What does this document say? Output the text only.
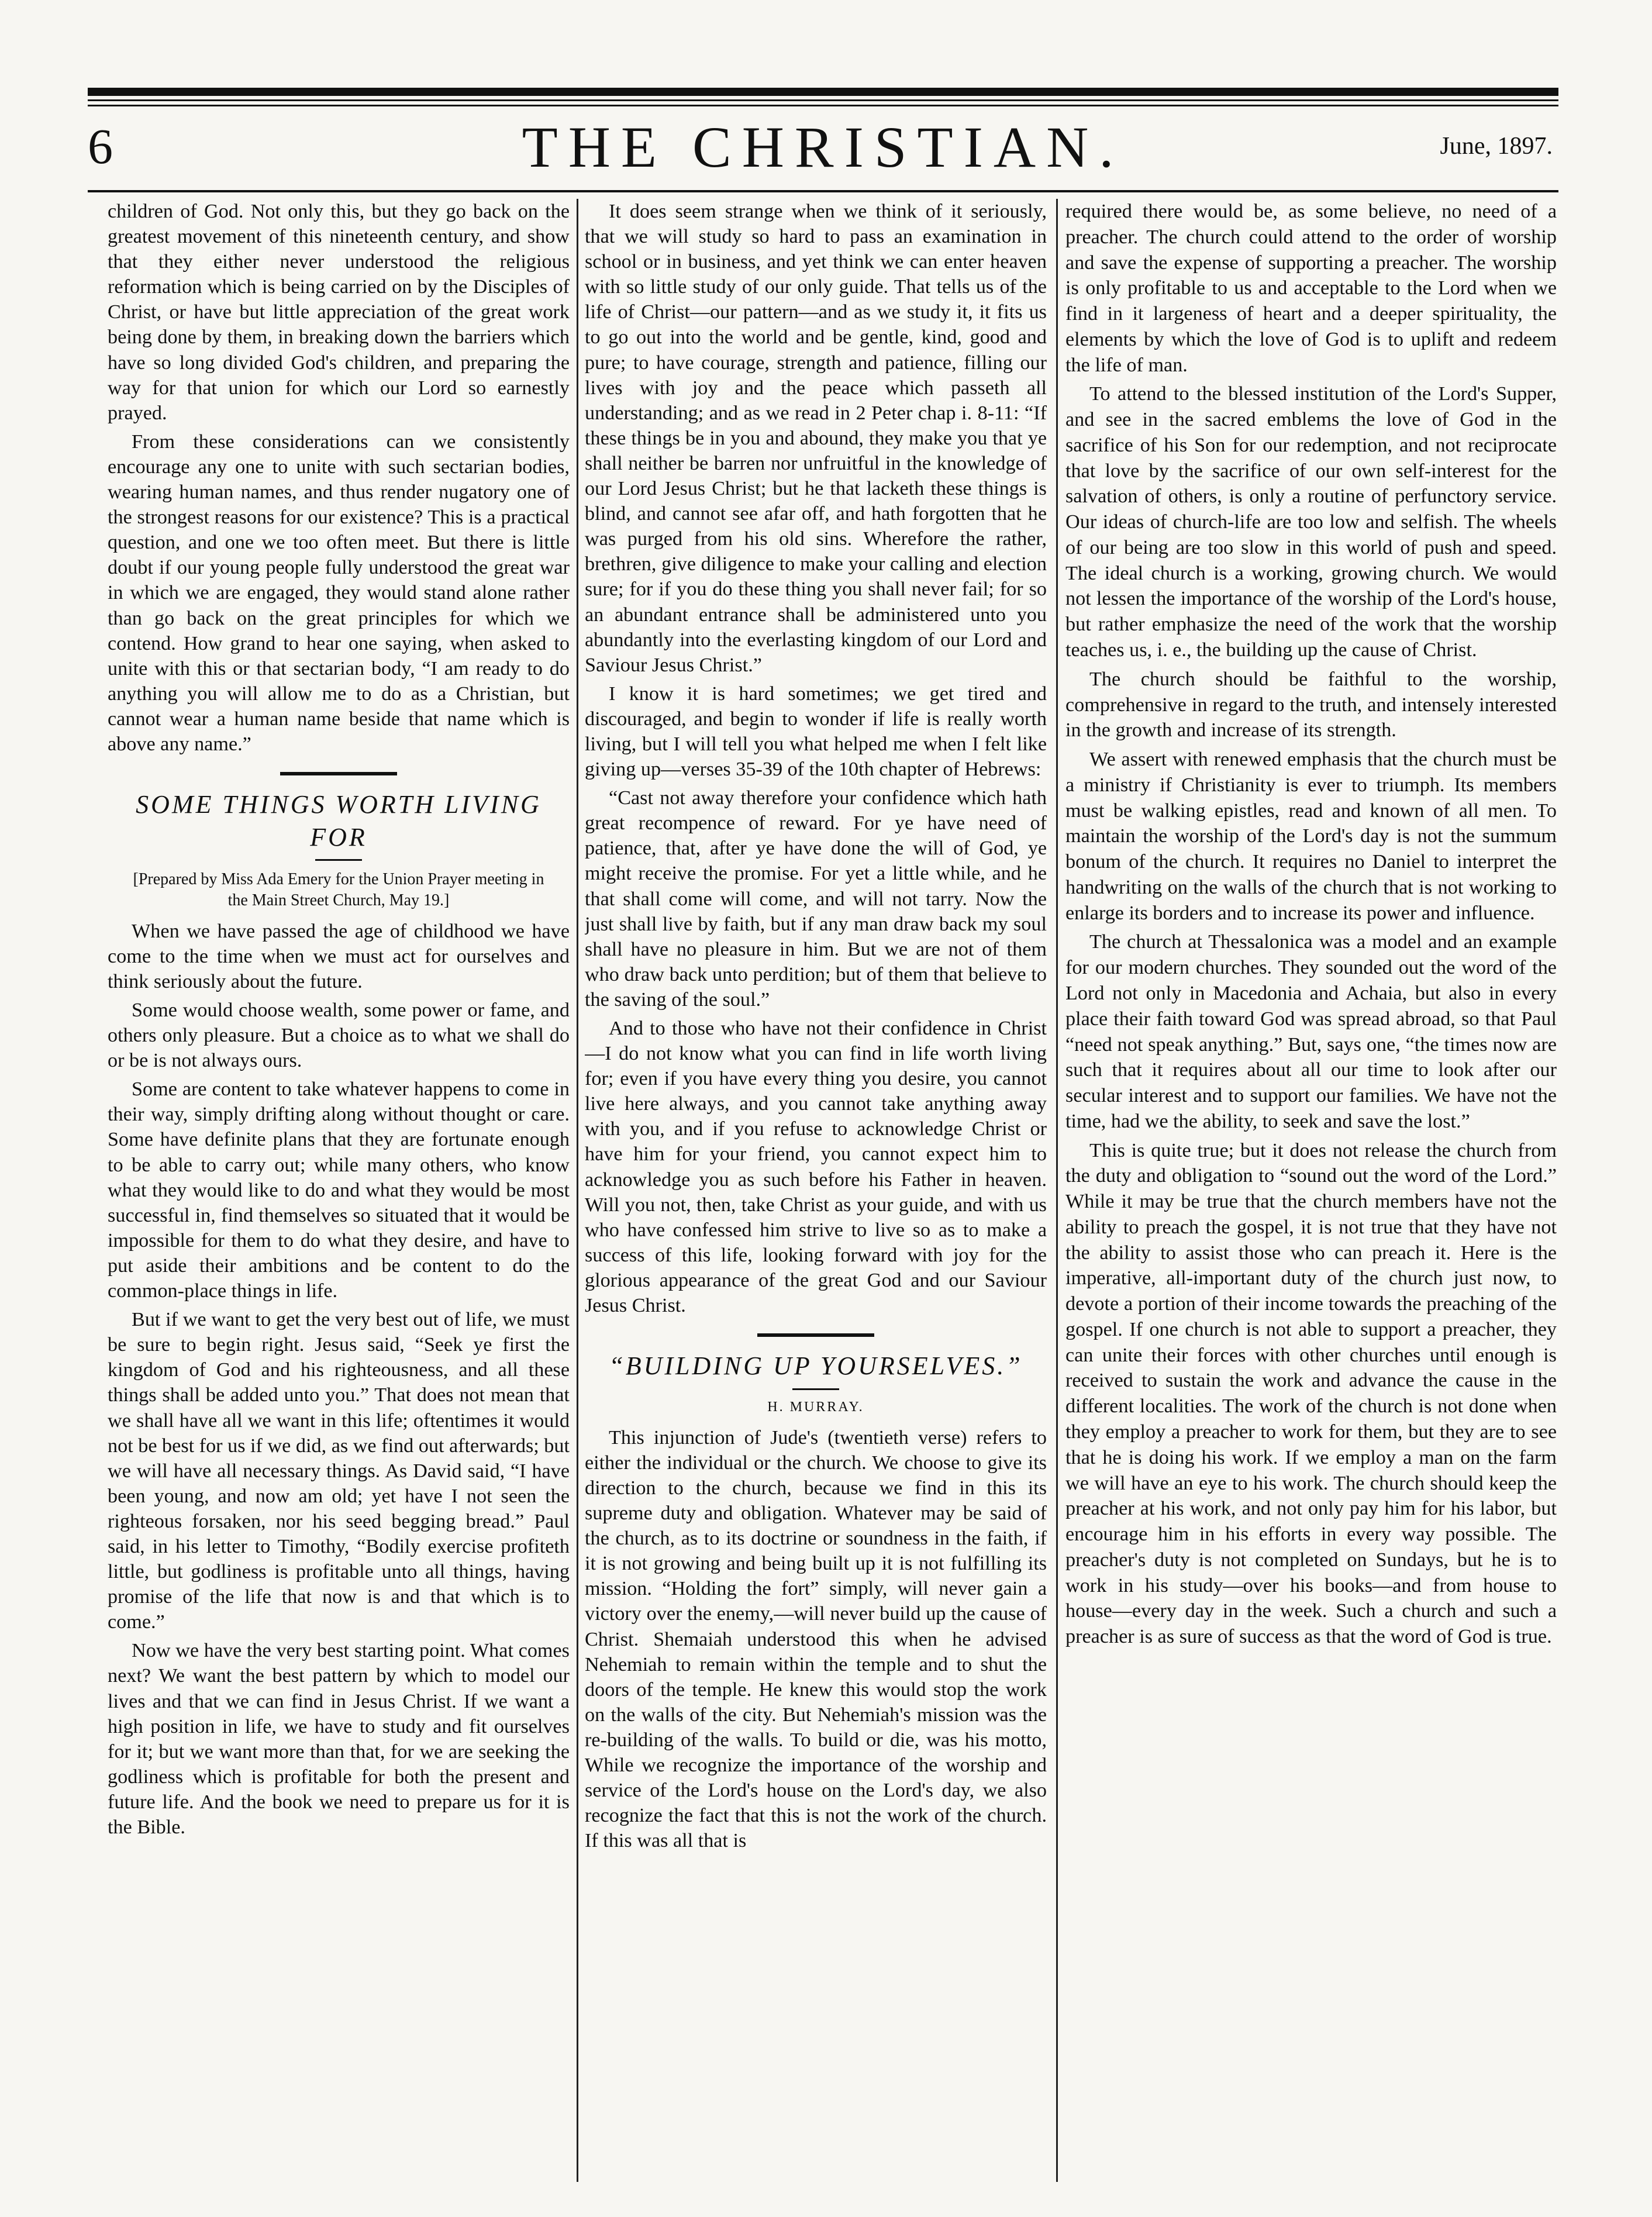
6	THE CHRISTIAN.	June, 1897.

children of God. Not only this, but they go back on the greatest movement of this nineteenth century, and show that they either never understood the religious reformation which is being carried on by the Disciples of Christ, or have but little appreciation of the great work being done by them, in breaking down the barriers which have so long divided God's children, and preparing the way for that union for which our Lord so earnestly prayed.

From these considerations can we consistently encourage any one to unite with such sectarian bodies, wearing human names, and thus render nugatory one of the strongest reasons for our existence? This is a practical question, and one we too often meet. But there is little doubt if our young people fully understood the great war in which we are engaged, they would stand alone rather than go back on the great principles for which we contend. How grand to hear one saying, when asked to unite with this or that sectarian body, “I am ready to do anything you will allow me to do as a Christian, but cannot wear a human name beside that name which is above any name.”

SOME THINGS WORTH LIVING FOR
[Prepared by Miss Ada Emery for the Union Prayer meeting in the Main Street Church, May 19.]

When we have passed the age of childhood we have come to the time when we must act for ourselves and think seriously about the future.

Some would choose wealth, some power or fame, and others only pleasure. But a choice as to what we shall do or be is not always ours.

Some are content to take whatever happens to come in their way, simply drifting along without thought or care. Some have definite plans that they are fortunate enough to be able to carry out; while many others, who know what they would like to do and what they would be most successful in, find themselves so situated that it would be impossible for them to do what they desire, and have to put aside their ambitions and be content to do the common-place things in life.

But if we want to get the very best out of life, we must be sure to begin right. Jesus said, “Seek ye first the kingdom of God and his righteousness, and all these things shall be added unto you.” That does not mean that we shall have all we want in this life; oftentimes it would not be best for us if we did, as we find out afterwards; but we will have all necessary things. As David said, “I have been young, and now am old; yet have I not seen the righteous forsaken, nor his seed begging bread.” Paul said, in his letter to Timothy, “Bodily exercise profiteth little, but godliness is profitable unto all things, having promise of the life that now is and that which is to come.”

Now we have the very best starting point. What comes next? We want the best pattern by which to model our lives and that we can find in Jesus Christ. If we want a high position in life, we have to study and fit ourselves for it; but we want more than that, for we are seeking the godliness which is profitable for both the present and future life. And the book we need to prepare us for it is the Bible.

It does seem strange when we think of it seriously, that we will study so hard to pass an examination in school or in business, and yet think we can enter heaven with so little study of our only guide. That tells us of the life of Christ—our pattern—and as we study it, it fits us to go out into the world and be gentle, kind, good and pure; to have courage, strength and patience, filling our lives with joy and the peace which passeth all understanding; and as we read in 2 Peter chap i. 8-11: “If these things be in you and abound, they make you that ye shall neither be barren nor unfruitful in the knowledge of our Lord Jesus Christ; but he that lacketh these things is blind, and cannot see afar off, and hath forgotten that he was purged from his old sins. Wherefore the rather, brethren, give diligence to make your calling and election sure; for if you do these thing you shall never fail; for so an abundant entrance shall be administered unto you abundantly into the everlasting kingdom of our Lord and Saviour Jesus Christ.”

I know it is hard sometimes; we get tired and discouraged, and begin to wonder if life is really worth living, but I will tell you what helped me when I felt like giving up—verses 35-39 of the 10th chapter of Hebrews:

“Cast not away therefore your confidence which hath great recompence of reward. For ye have need of patience, that, after ye have done the will of God, ye might receive the promise. For yet a little while, and he that shall come will come, and will not tarry. Now the just shall live by faith, but if any man draw back my soul shall have no pleasure in him. But we are not of them who draw back unto perdition; but of them that believe to the saving of the soul.”

And to those who have not their confidence in Christ—I do not know what you can find in life worth living for; even if you have every thing you desire, you cannot live here always, and you cannot take anything away with you, and if you refuse to acknowledge Christ or have him for your friend, you cannot expect him to acknowledge you as such before his Father in heaven. Will you not, then, take Christ as your guide, and with us who have confessed him strive to live so as to make a success of this life, looking forward with joy for the glorious appearance of the great God and our Saviour Jesus Christ.

“BUILDING UP YOURSELVES.”
H. MURRAY.

This injunction of Jude's (twentieth verse) refers to either the individual or the church. We choose to give its direction to the church, because we find in this its supreme duty and obligation. Whatever may be said of the church, as to its doctrine or soundness in the faith, if it is not growing and being built up it is not fulfilling its mission. “Holding the fort” simply, will never gain a victory over the enemy,—will never build up the cause of Christ. Shemaiah understood this when he advised Nehemiah to remain within the temple and to shut the doors of the temple. He knew this would stop the work on the walls of the city. But Nehemiah's mission was the re-building of the walls. To build or die, was his motto, While we recognize the importance of the worship and service of the Lord's house on the Lord's day, we also recognize the fact that this is not the work of the church. If this was all that is

required there would be, as some believe, no need of a preacher. The church could attend to the order of worship and save the expense of supporting a preacher. The worship is only profitable to us and acceptable to the Lord when we find in it largeness of heart and a deeper spirituality, the elements by which the love of God is to uplift and redeem the life of man.

To attend to the blessed institution of the Lord's Supper, and see in the sacred emblems the love of God in the sacrifice of his Son for our redemption, and not reciprocate that love by the sacrifice of our own self-interest for the salvation of others, is only a routine of perfunctory service. Our ideas of church-life are too low and selfish. The wheels of our being are too slow in this world of push and speed. The ideal church is a working, growing church. We would not lessen the importance of the worship of the Lord's house, but rather emphasize the need of the work that the worship teaches us, i. e., the building up the cause of Christ.

The church should be faithful to the worship, comprehensive in regard to the truth, and intensely interested in the growth and increase of its strength.

We assert with renewed emphasis that the church must be a ministry if Christianity is ever to triumph. Its members must be walking epistles, read and known of all men. To maintain the worship of the Lord's day is not the summum bonum of the church. It requires no Daniel to interpret the handwriting on the walls of the church that is not working to enlarge its borders and to increase its power and influence.

The church at Thessalonica was a model and an example for our modern churches. They sounded out the word of the Lord not only in Macedonia and Achaia, but also in every place their faith toward God was spread abroad, so that Paul “need not speak anything.” But, says one, “the times now are such that it requires about all our time to look after our secular interest and to support our families. We have not the time, had we the ability, to seek and save the lost.”

This is quite true; but it does not release the church from the duty and obligation to “sound out the word of the Lord.” While it may be true that the church members have not the ability to preach the gospel, it is not true that they have not the ability to assist those who can preach it. Here is the imperative, all-important duty of the church just now, to devote a portion of their income towards the preaching of the gospel. If one church is not able to support a preacher, they can unite their forces with other churches until enough is received to sustain the work and advance the cause in the different localities. The work of the church is not done when they employ a preacher to work for them, but they are to see that he is doing his work. If we employ a man on the farm we will have an eye to his work. The church should keep the preacher at his work, and not only pay him for his labor, but encourage him in his efforts in every way possible. The preacher's duty is not completed on Sundays, but he is to work in his study—over his books—and from house to house—every day in the week. Such a church and such a preacher is as sure of success as that the word of God is true.
